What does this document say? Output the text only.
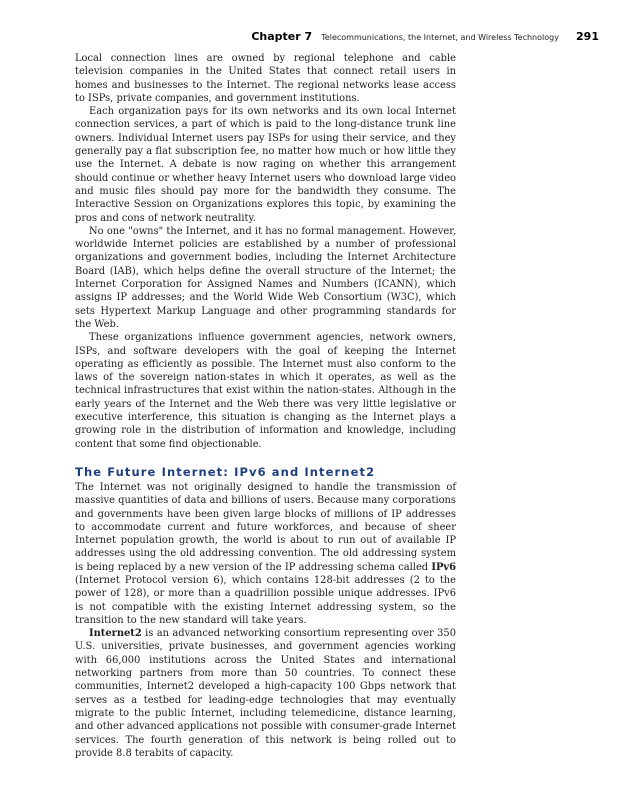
Chapter 7 Telecommunications, the Internet, and Wireless Technology 291

Local connection lines are owned by regional telephone and cable television companies in the United States that connect retail users in homes and businesses to the Internet. The regional networks lease access to ISPs, private companies, and government institutions.

Each organization pays for its own networks and its own local Internet connection services, a part of which is paid to the long-distance trunk line owners. Individual Internet users pay ISPs for using their service, and they generally pay a flat subscription fee, no matter how much or how little they use the Internet. A debate is now raging on whether this arrangement should continue or whether heavy Internet users who download large video and music files should pay more for the bandwidth they consume. The Interactive Session on Organizations explores this topic, by examining the pros and cons of network neutrality.

No one "owns" the Internet, and it has no formal management. However, worldwide Internet policies are established by a number of professional organizations and government bodies, including the Internet Architecture Board (IAB), which helps define the overall structure of the Internet; the Internet Corporation for Assigned Names and Numbers (ICANN), which assigns IP addresses; and the World Wide Web Consortium (W3C), which sets Hypertext Markup Language and other programming standards for the Web.

These organizations influence government agencies, network owners, ISPs, and software developers with the goal of keeping the Internet operating as efficiently as possible. The Internet must also conform to the laws of the sovereign nation-states in which it operates, as well as the technical infrastructures that exist within the nation-states. Although in the early years of the Internet and the Web there was very little legislative or executive interference, this situation is changing as the Internet plays a growing role in the distribution of information and knowledge, including content that some find objectionable.

The Future Internet: IPv6 and Internet2

The Internet was not originally designed to handle the transmission of massive quantities of data and billions of users. Because many corporations and governments have been given large blocks of millions of IP addresses to accommodate current and future workforces, and because of sheer Internet population growth, the world is about to run out of available IP addresses using the old addressing convention. The old addressing system is being replaced by a new version of the IP addressing schema called IPv6 (Internet Protocol version 6), which contains 128-bit addresses (2 to the power of 128), or more than a quadrillion possible unique addresses. IPv6 is not compatible with the existing Internet addressing system, so the transition to the new standard will take years.

Internet2 is an advanced networking consortium representing over 350 U.S. universities, private businesses, and government agencies working with 66,000 institutions across the United States and international networking partners from more than 50 countries. To connect these communities, Internet2 developed a high-capacity 100 Gbps network that serves as a testbed for leading-edge technologies that may eventually migrate to the public Internet, including telemedicine, distance learning, and other advanced applications not possible with consumer-grade Internet services. The fourth generation of this network is being rolled out to provide 8.8 terabits of capacity.
